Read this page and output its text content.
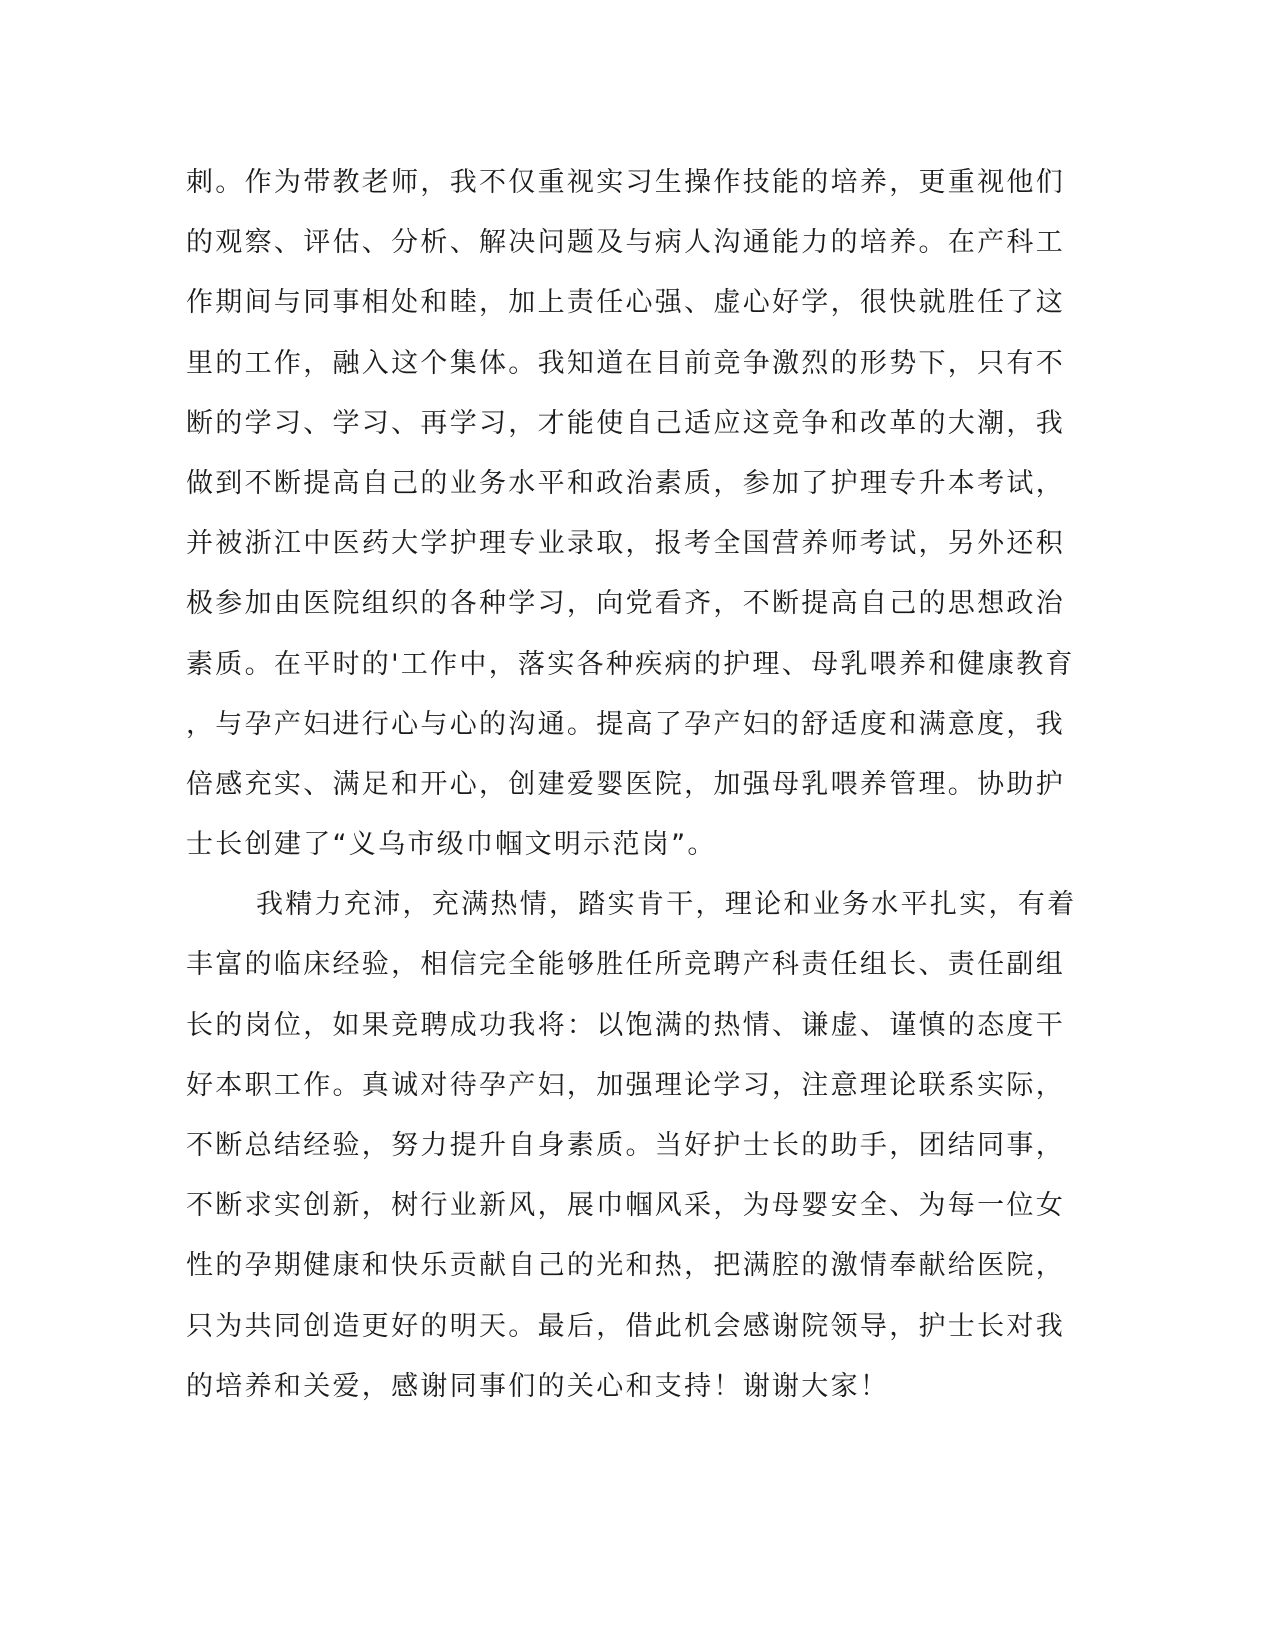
刺。作为带教老师，我不仅重视实习生操作技能的培养，更重视他们
的观察、评估、分析、解决问题及与病人沟通能力的培养。在产科工
作期间与同事相处和睦，加上责任心强、虚心好学，很快就胜任了这
里的工作，融入这个集体。我知道在目前竞争激烈的形势下，只有不
断的学习、学习、再学习，才能使自己适应这竞争和改革的大潮，我
做到不断提高自己的业务水平和政治素质，参加了护理专升本考试，
并被浙江中医药大学护理专业录取，报考全国营养师考试，另外还积
极参加由医院组织的各种学习，向党看齐，不断提高自己的思想政治
素质。在平时的'工作中，落实各种疾病的护理、母乳喂养和健康教育
，与孕产妇进行心与心的沟通。提高了孕产妇的舒适度和满意度，我
倍感充实、满足和开心，创建爱婴医院，加强母乳喂养管理。协助护
士长创建了“义乌市级巾帼文明示范岗”。
我精力充沛，充满热情，踏实肯干，理论和业务水平扎实，有着
丰富的临床经验，相信完全能够胜任所竞聘产科责任组长、责任副组
长的岗位，如果竞聘成功我将：以饱满的热情、谦虚、谨慎的态度干
好本职工作。真诚对待孕产妇，加强理论学习，注意理论联系实际，
不断总结经验，努力提升自身素质。当好护士长的助手，团结同事，
不断求实创新，树行业新风，展巾帼风采，为母婴安全、为每一位女
性的孕期健康和快乐贡献自己的光和热，把满腔的激情奉献给医院，
只为共同创造更好的明天。最后，借此机会感谢院领导，护士长对我
的培养和关爱，感谢同事们的关心和支持！谢谢大家！
